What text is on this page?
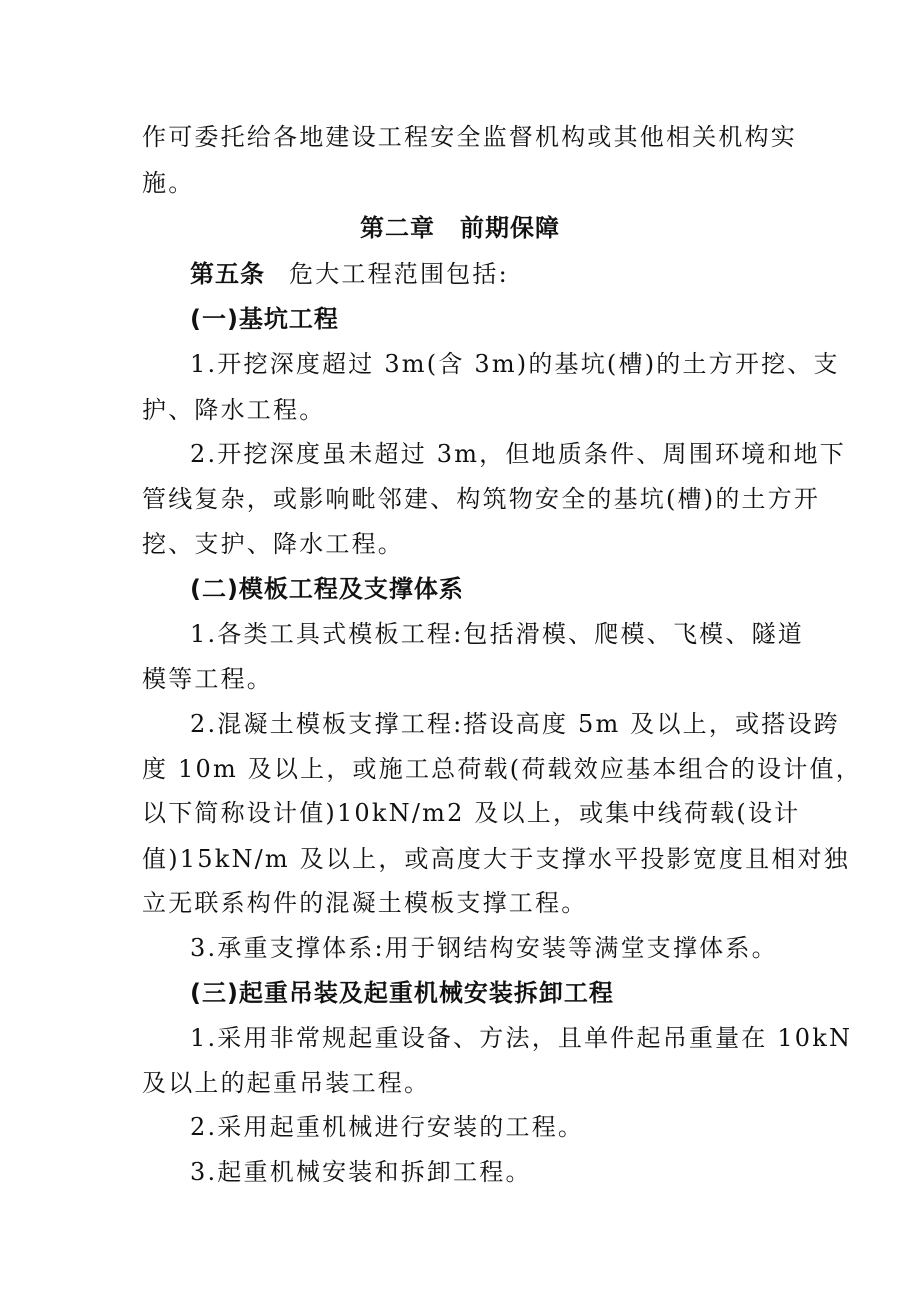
作可委托给各地建设工程安全监督机构或其他相关机构实
施。
第二章　前期保障
第五条 危大工程范围包括:
(一)基坑工程
1.开挖深度超过 3m(含 3m)的基坑(槽)的土方开挖、支
护、降水工程。
2.开挖深度虽未超过 3m，但地质条件、周围环境和地下
管线复杂，或影响毗邻建、构筑物安全的基坑(槽)的土方开
挖、支护、降水工程。
(二)模板工程及支撑体系
1.各类工具式模板工程:包括滑模、爬模、飞模、隧道
模等工程。
2.混凝土模板支撑工程:搭设高度 5m 及以上，或搭设跨
度 10m 及以上，或施工总荷载(荷载效应基本组合的设计值，
以下简称设计值)10kN/m2 及以上，或集中线荷载(设计
值)15kN/m 及以上，或高度大于支撑水平投影宽度且相对独
立无联系构件的混凝土模板支撑工程。
3.承重支撑体系:用于钢结构安装等满堂支撑体系。
(三)起重吊装及起重机械安装拆卸工程
1.采用非常规起重设备、方法，且单件起吊重量在 10kN
及以上的起重吊装工程。
2.采用起重机械进行安装的工程。
3.起重机械安装和拆卸工程。
